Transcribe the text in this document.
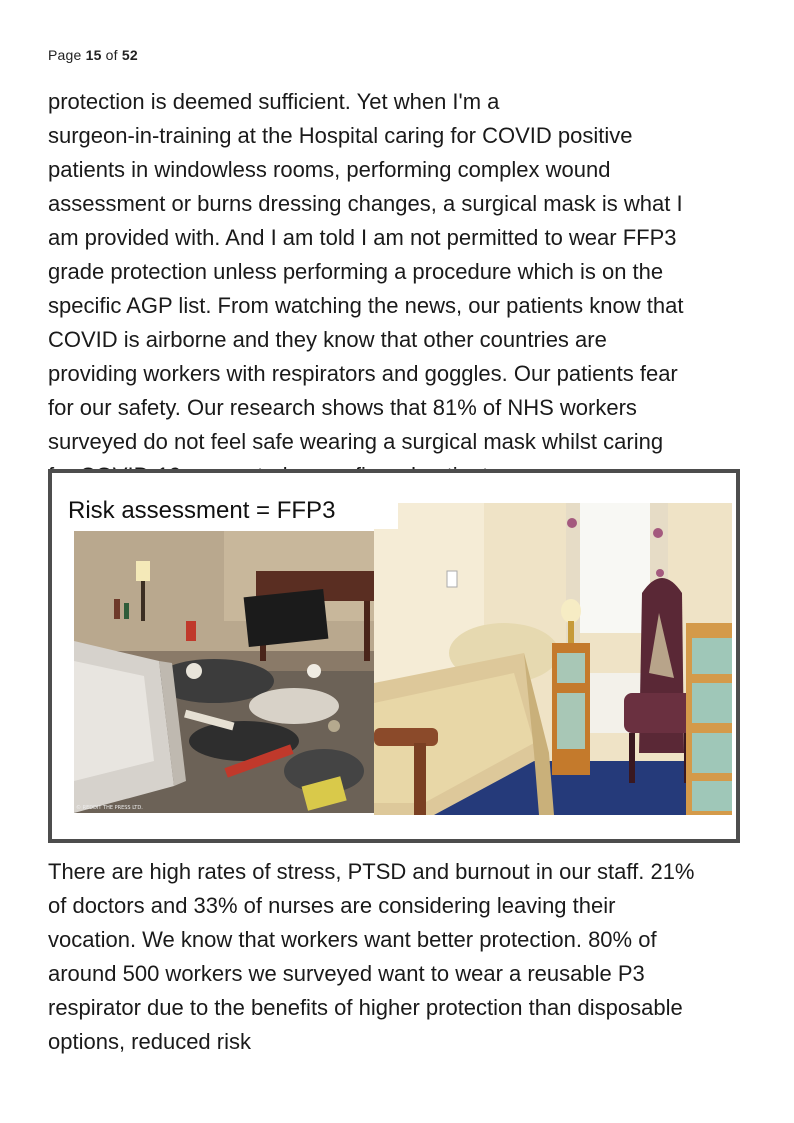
Page 15 of 52
protection is deemed sufficient. Yet when I'm a
surgeon-in-training at the Hospital caring for COVID positive
patients in windowless rooms, performing complex wound
assessment or burns dressing changes, a surgical mask is what I
am provided with. And I am told I am not permitted to wear FFP3
grade protection unless performing a procedure which is on the
specific AGP list. From watching the news, our patients know that
COVID is airborne and they know that other countries are
providing workers with respirators and goggles. Our patients fear
for our safety. Our research shows that 81% of NHS workers
surveyed do not feel safe wearing a surgical mask whilst caring
Risk assessment = FFP3
© REDDIT THE PRESS LTD.
There are high rates of stress, PTSD and burnout in our staff. 21%
of doctors and 33% of nurses are considering leaving their
vocation. We know that workers want better protection. 80% of
around 500 workers we surveyed want to wear a reusable P3
respirator due to the benefits of higher protection than disposable
options, reduced risk
